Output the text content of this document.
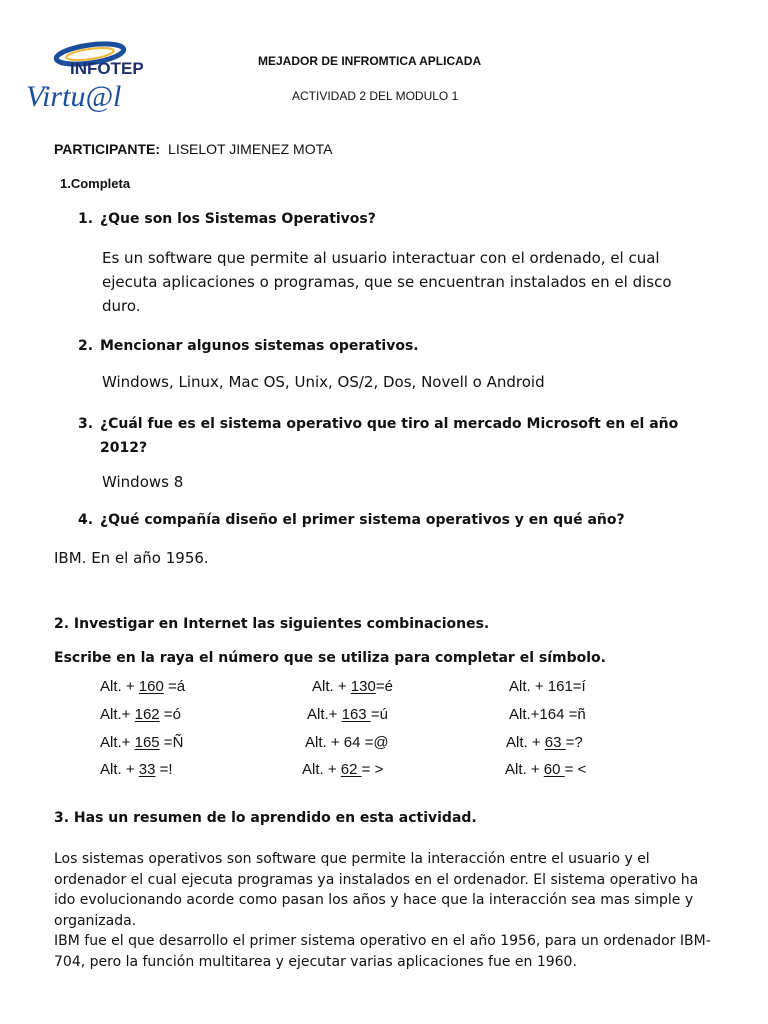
INFOTEP
Virtu@l
MEJADOR DE INFROMTICA APLICADA
ACTIVIDAD 2 DEL MODULO 1
PARTICIPANTE: LISELOT JIMENEZ MOTA
1.Completa
1. ¿Que son los Sistemas Operativos?
Es un software que permite al usuario interactuar con el ordenado, el cual
ejecuta aplicaciones o programas, que se encuentran instalados en el disco
duro.
2. Mencionar algunos sistemas operativos.
Windows, Linux, Mac OS, Unix, OS/2, Dos, Novell o Android
3. ¿Cuál fue es el sistema operativo que tiro al mercado Microsoft en el año
2012?
Windows 8
4. ¿Qué compañía diseño el primer sistema operativos y en qué año?
IBM. En el año 1956.
2. Investigar en Internet las siguientes combinaciones.
Escribe en la raya el número que se utiliza para completar el símbolo.
Alt. + 160 =á	Alt. + 130=é	Alt. + 161=í
Alt.+ 162 =ó	Alt.+ 163 =ú	Alt.+164 =ñ
Alt.+ 165 =Ñ	Alt. + 64 =@	Alt. + 63 =?
Alt. + 33 =!	Alt. + 62 = >	Alt. + 60 = <
3. Has un resumen de lo aprendido en esta actividad.

Los sistemas operativos son software que permite la interacción entre el usuario y el ordenador el cual ejecuta programas ya instalados en el ordenador. El sistema operativo ha ido evolucionando acorde como pasan los años y hace que la interacción sea mas simple y organizada.

IBM fue el que desarrollo el primer sistema operativo en el año 1956, para un ordenador IBM-704, pero la función multitarea y ejecutar varias aplicaciones fue en 1960.
